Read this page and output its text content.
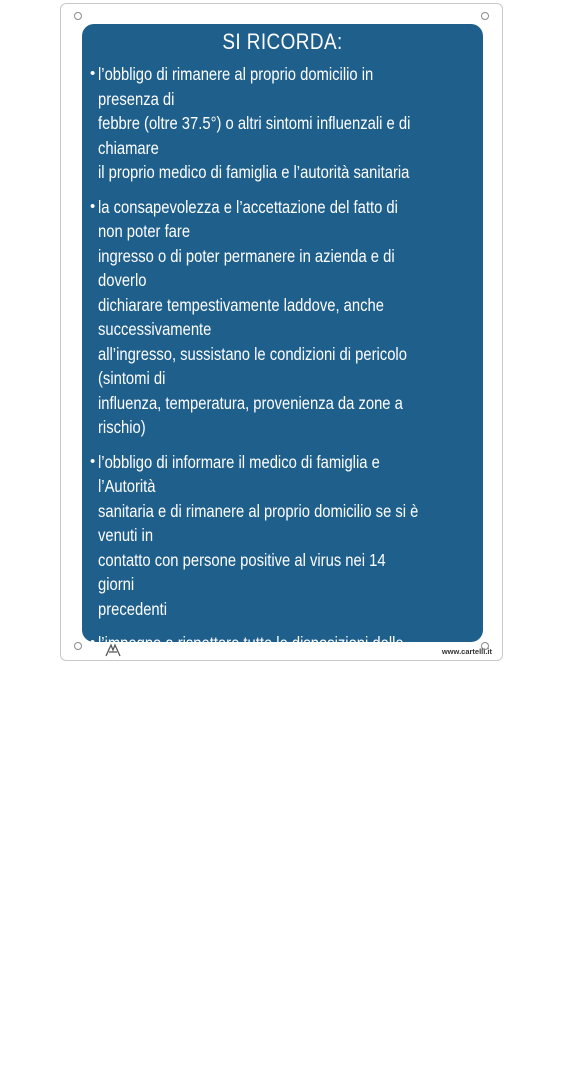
SI RICORDA:
• l’obbligo di rimanere al proprio domicilio in presenza di
febbre (oltre 37.5°) o altri sintomi influenzali e di chiamare
il proprio medico di famiglia e l’autorità sanitaria
• la consapevolezza e l’accettazione del fatto di non poter fare
ingresso o di poter permanere in azienda e di doverlo
dichiarare tempestivamente laddove, anche successivamente
all’ingresso, sussistano le condizioni di pericolo (sintomi di
influenza, temperatura, provenienza da zone a rischio)
• l’obbligo di informare il medico di famiglia e l’Autorità
sanitaria e di rimanere al proprio domicilio se si è venuti in
contatto con persone positive al virus nei 14 giorni
precedenti
• l’impegno a rispettare tutte le disposizioni delle Autorità e
del datore di lavoro nel fare accesso in azienda (in
particolare, mantenere la distanza di sicurezza, osservare le
regole di igiene delle mani e tenere comportamenti corretti
sul piano dell’igiene)
• l’impegno a informare tempestivamente e responsabilmente
il datore di lavoro della presenza di qualsiasi sintomo
influenzale durante l’espletamento della prestazione
lavorativa, avendo cura di rimanere ad adeguata distanza
dalle persone presenti
www.cartelli.it
